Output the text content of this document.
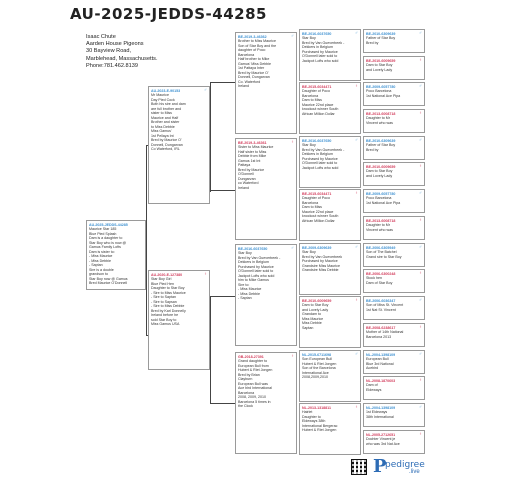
AU-2025-JEDDS-44285
Isaac Chute
Aarden House Pigeons
30 Bayview Road,
Marblehead, Massachusetts.
Phone:781.462.8139
AU-2025-JEDDS-44285
Maurice Star 185
Blue Pied Splash
Dam is a daughter to
Star Boy who is now @
Gamus Family Lofts
Dam is sister to:
- Miss Maurice
- Miss Debbie
- Saptan
Sire is a double
grandson to
Star Boy now @ Gamus
Bred Maurice O'Donnell
AU-2023-E-90153	♂
Mr Maurice
Day Pied Cock
Both his sire and dam
are full brother and
sister to Miss
Maurice and Half
Brother and sister
to Miss Debbie
Miss Gamus'
1st Pellaya Int
Bred by Maurice O'
Donnell, Dungarvan
Co Waterford, IRL
AU-2020-E-127380	♀
Star Boy Girl
Blue Pied Hen
Daughter to Star Boy
- Sire to Miss Maurice
- Sire to Saptan
- Sire to Sapsan
- Sire to Miss Debbie
Bred by Karl Donnelly
Ireland before he
sold Star Boy to
Miss Gamus USA
BE-2019-3-46362	♂
Brother to Miss Maurice
Son of Star Boy and the
daughter of Poco
Barcelona
Half brother to Mike
Gamus' Miss Debbie
1st Pattaya Inter
Bred by Maurice O'
Donnell, Dungarvan
Co. Waterford
Ireland
BE-2019-3-46361	♀
Sister to Miss Maurice
Half sister to Miss
Debbie from Mike
Gamus 1st Int
Pattaya
Bred by Maurice
O'Donnell
Dungarvan
co Waterford
Ireland
BE-2016-6037650	♂
Star Boy
Bred by Van Gueverbeek -
Dekkers in Belgium
Purchased by Maurice
O'Donnell later sold to
Jackpot Lofts who sold
him to Mike Gamus
Sire to:
- Miss Maurice
- Miss Debbie
- Saptan
GB-2018-27391	♀
Grand daughter to
European Bull from
Hubert & Riet Jongen
Bred by Brian
Clayburn
European Bull was
Ace bird International
Barcelona
2008, 2009, 2010
Barcelona 5 times in
the Clock
BE-2016-6037650	♂
Star Boy
Bred by Van Gueverbeek -
Dekkers in Belgium
Purchased by Maurice
O'Donnell later sold to
Jackpot Lofts who sold
BE-2015-6034471	♀
Daughter of Poco
Barcelona
Dam to Miss
Maurice 22nd place
knockout winner South
African Million Dollar
BE-2016-6037650	♂
Star Boy
Bred by Van Gueverbeek -
Dekkers in Belgium
Purchased by Maurice
O'Donnell later sold to
Jackpot Lofts who sold
BE-2015-6034471	♀
Daughter of Poco
Barcelona
Dam to Miss
Maurice 22nd place
knockout winner South
African Million Dollar
BE-2009-6309639	♂
Star Boy
Bred by Van Gueverbeek
Purchased by Maurice
Grandsire Miss Maurice
Grandsire Miss Debbie
BE-2010-6009659	♀
Dam to Star Boy
and Lovely Lady
Grandam to
Miss Maurice
Miss Debbie
Saptan
NL-2015-6711698	♂
Son European Bull
Hubert & Riet Jongen
Son of the Barcelona
International Ace
2008,2009,2010
NL-2013-1318811	♀
Hairlet
Daughter to
Eldeways 38th
International Bergerac
Hubert & Riet Jongen
BE-2010-6309639	♂
Father of Star Boy
Bred by
BE-2010-6009659	♀
Dam to Star Boy
and Lovely Lady
BE-2009-6057780	♂
Poco Barcelona
1st National Ace Pipa
BE-2013-6008718	♀
Daughter to Mr
Vincent who was
BE-2010-6309639	♂
Father of Star Boy
Bred by
BE-2010-6009659	♀
Dam to Star Boy
and Lovely Lady
BE-2009-6057780	♂
Poco Barcelona
1st National Ace Pipa
BE-2013-6008718	♀
Daughter to Mr
Vincent who was
BE-2006-6305949	♂
Son of The Batchel
Grand sire to Star Boy
BE-2006-6300248	♀
Stock hen
Dam of Star Boy
BE-2006-6036347	♂
Son of Miss St. Vincent
1st Nat St. Vincent
BE-2008-6238617	♀
Mother of 14th National
Barcelona 2013
NL-2004-1398109	♂
European Bull
Blue 3rd National
Acebird
NL-2008-1870603	♀
Dam of
Eldeways
NL-2004-1398109	♂
1st Eldeways
38th International
NL-2005-2712651	♀
Dochter Vincent je
who was 3rd Nat Ace
P
pedigree
.live
